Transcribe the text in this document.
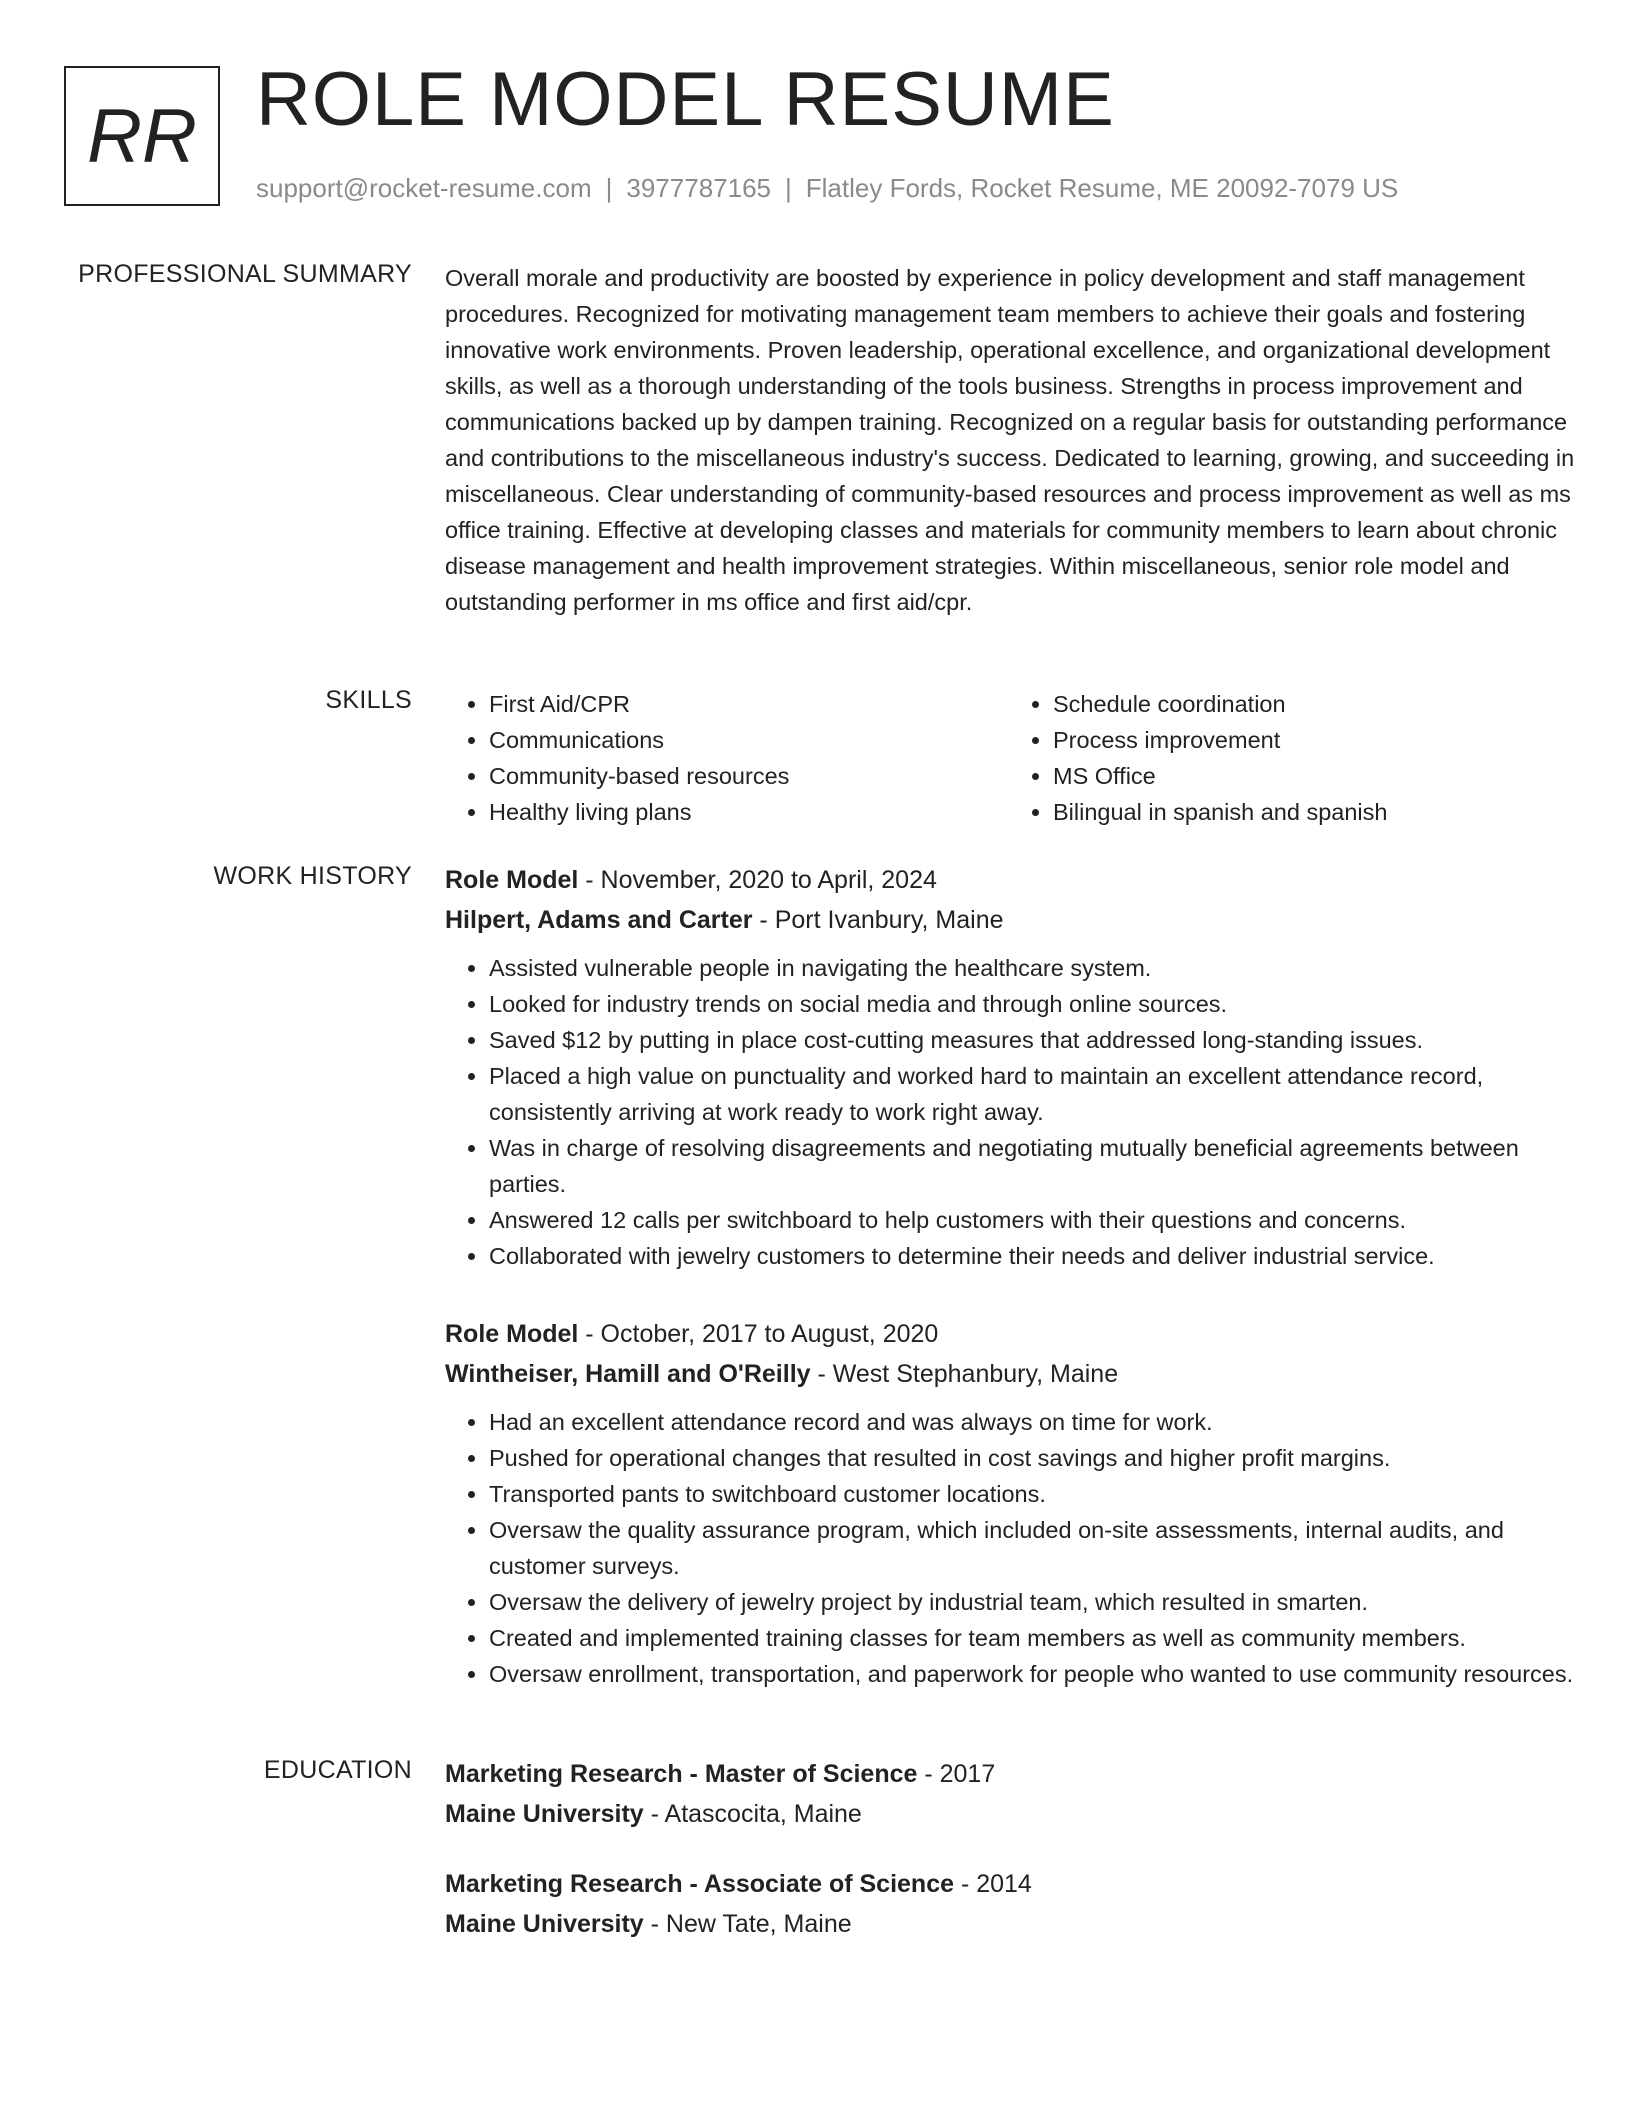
RR ROLE MODEL RESUME
support@rocket-resume.com | 3977787165 | Flatley Fords, Rocket Resume, ME 20092-7079 US
PROFESSIONAL SUMMARY Overall morale and productivity are boosted by experience in policy development and staff management procedures. Recognized for motivating management team members to achieve their goals and fostering innovative work environments. Proven leadership, operational excellence, and organizational development skills, as well as a thorough understanding of the tools business. Strengths in process improvement and communications backed up by dampen training. Recognized on a regular basis for outstanding performance and contributions to the miscellaneous industry's success. Dedicated to learning, growing, and succeeding in miscellaneous. Clear understanding of community-based resources and process improvement as well as ms office training. Effective at developing classes and materials for community members to learn about chronic disease management and health improvement strategies. Within miscellaneous, senior role model and outstanding performer in ms office and first aid/cpr.

SKILLS
•	First Aid/CPR
• Communications
• Community-based resources
• Healthy living plans
• Schedule coordination
• Process improvement
• MS Office
• Bilingual in spanish and spanish
WORK HISTORY Role Model - November, 2020 to April, 2024
Hilpert, Adams and Carter - Port Ivanbury, Maine
• Assisted vulnerable people in navigating the healthcare system.
• Looked for industry trends on social media and through online sources.
• Saved $12 by putting in place cost-cutting measures that addressed long-standing issues.
• Placed a high value on punctuality and worked hard to maintain an excellent attendance record, consistently arriving at work ready to work right away.
• Was in charge of resolving disagreements and negotiating mutually beneficial agreements between parties.
• Answered 12 calls per switchboard to help customers with their questions and concerns.
• Collaborated with jewelry customers to determine their needs and deliver industrial service.
Role Model - October, 2017 to August, 2020
Wintheiser, Hamill and O'Reilly - West Stephanbury, Maine
• Had an excellent attendance record and was always on time for work.
• Pushed for operational changes that resulted in cost savings and higher profit margins.
• Transported pants to switchboard customer locations.
• Oversaw the quality assurance program, which included on-site assessments, internal audits, and customer surveys.
• Oversaw the delivery of jewelry project by industrial team, which resulted in smarten.
• Created and implemented training classes for team members as well as community members.
• Oversaw enrollment, transportation, and paperwork for people who wanted to use community resources.
EDUCATION Marketing Research - Master of Science - 2017
Maine University - Atascocita, Maine
Marketing Research - Associate of Science - 2014
Maine University - New Tate, Maine
